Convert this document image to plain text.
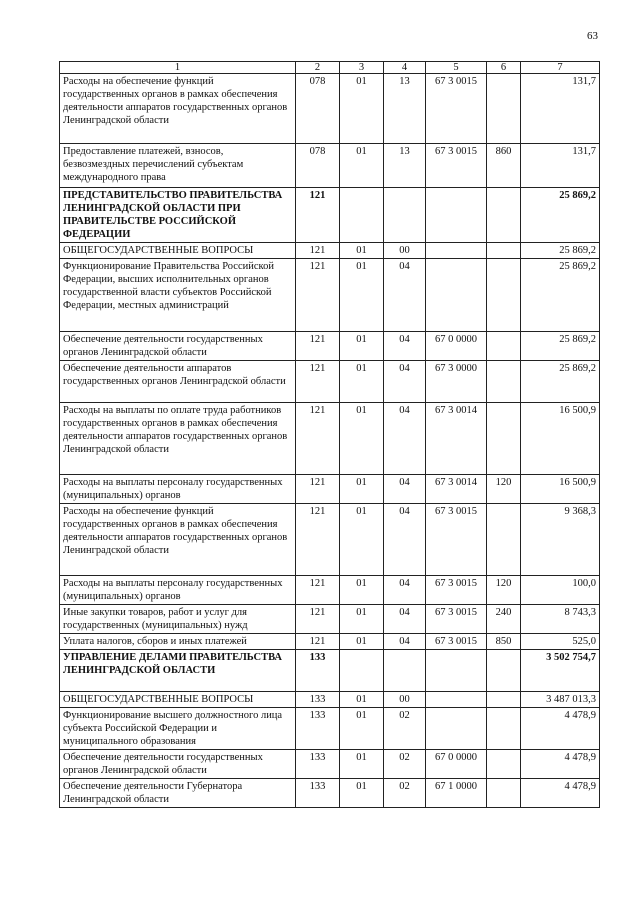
63
1	2	3	4	5	6	7
Расходы на обеспечение функций государственных органов в рамках обеспечения деятельности аппаратов государственных органов Ленинградской области	078	01	13	67 3 0015		131,7
Предоставление платежей, взносов, безвозмездных перечислений субъектам международного права	078	01	13	67 3 0015	860	131,7
ПРЕДСТАВИТЕЛЬСТВО ПРАВИТЕЛЬСТВА ЛЕНИНГРАДСКОЙ ОБЛАСТИ ПРИ ПРАВИТЕЛЬСТВЕ РОССИЙСКОЙ ФЕДЕРАЦИИ	121					25 869,2
ОБЩЕГОСУДАРСТВЕННЫЕ ВОПРОСЫ	121	01	00			25 869,2
Функционирование Правительства Российской Федерации, высших исполнительных органов государственной власти субъектов Российской Федерации, местных администраций	121	01	04			25 869,2
Обеспечение деятельности государственных органов Ленинградской области	121	01	04	67 0 0000		25 869,2
Обеспечение деятельности аппаратов государственных органов Ленинградской области	121	01	04	67 3 0000		25 869,2
Расходы на выплаты по оплате труда работников государственных органов в рамках обеспечения деятельности аппаратов государственных органов Ленинградской области	121	01	04	67 3 0014		16 500,9
Расходы на выплаты персоналу государственных (муниципальных) органов	121	01	04	67 3 0014	120	16 500,9
Расходы на обеспечение функций государственных органов в рамках обеспечения деятельности аппаратов государственных органов Ленинградской области	121	01	04	67 3 0015		9 368,3
Расходы на выплаты персоналу государственных (муниципальных) органов	121	01	04	67 3 0015	120	100,0
Иные закупки товаров, работ и услуг для государственных (муниципальных) нужд	121	01	04	67 3 0015	240	8 743,3
Уплата налогов, сборов и иных платежей	121	01	04	67 3 0015	850	525,0
УПРАВЛЕНИЕ ДЕЛАМИ ПРАВИТЕЛЬСТВА ЛЕНИНГРАДСКОЙ ОБЛАСТИ	133					3 502 754,7
ОБЩЕГОСУДАРСТВЕННЫЕ ВОПРОСЫ	133	01	00			3 487 013,3
Функционирование высшего должностного лица субъекта Российской Федерации и муниципального образования	133	01	02			4 478,9
Обеспечение деятельности государственных органов Ленинградской области	133	01	02	67 0 0000		4 478,9
Обеспечение деятельности Губернатора Ленинградской области	133	01	02	67 1 0000		4 478,9
